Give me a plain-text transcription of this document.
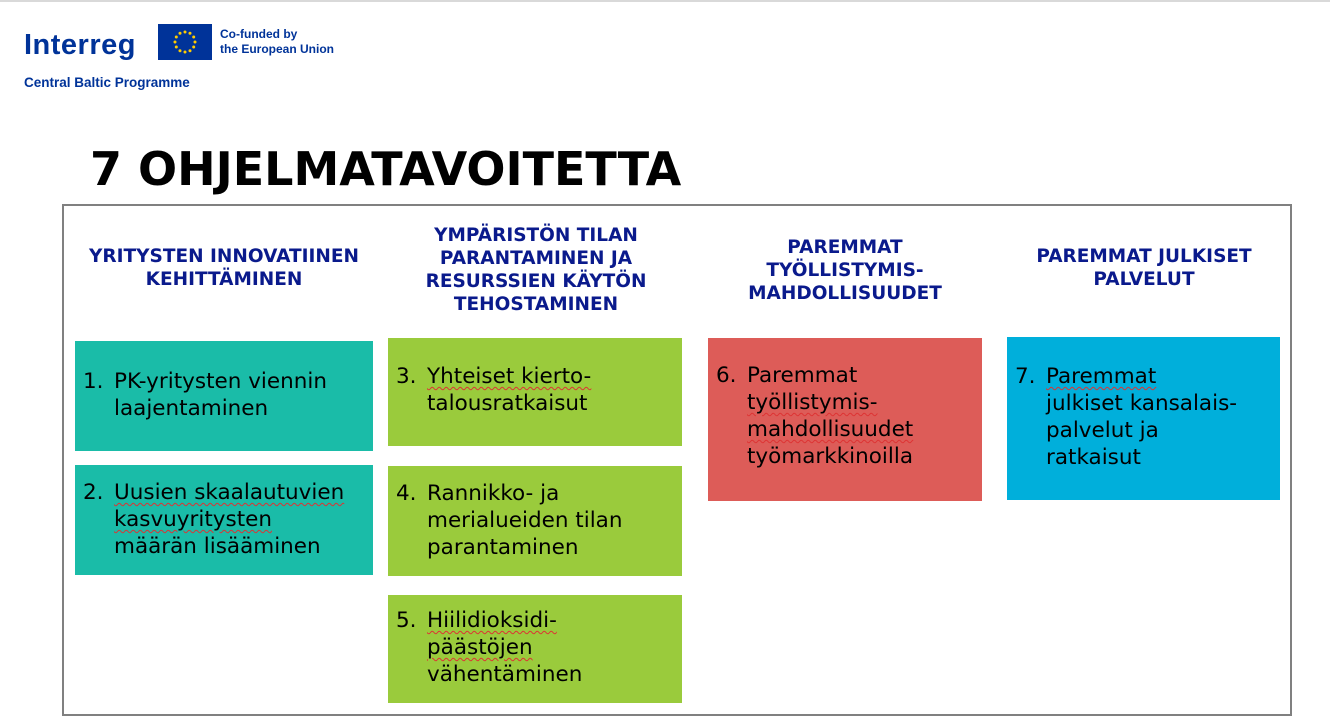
Interreg	Co-funded by
the European Union
Central Baltic Programme
7 OHJELMATAVOITETTA
YRITYSTEN INNOVATIINEN
KEHITTÄMINEN
YMPÄRISTÖN TILAN
PARANTAMINEN JA
RESURSSIEN KÄYTÖN
TEHOSTAMINEN
PAREMMAT
TYÖLLISTYMIS-
MAHDOLLISUUDET
PAREMMAT JULKISET
PALVELUT
1. PK-yritysten viennin
laajentaminen
2. Uusien skaalautuvien
kasvuyritysten
määrän lisääminen
3. Yhteiset kierto-
talousratkaisut
4. Rannikko- ja
merialueiden tilan
parantaminen
5. Hiilidioksidi-
päästöjen
vähentäminen
6. Paremmat
työllistymis-
mahdollisuudet
työmarkkinoilla
7. Paremmat
julkiset kansalais-
palvelut ja
ratkaisut
